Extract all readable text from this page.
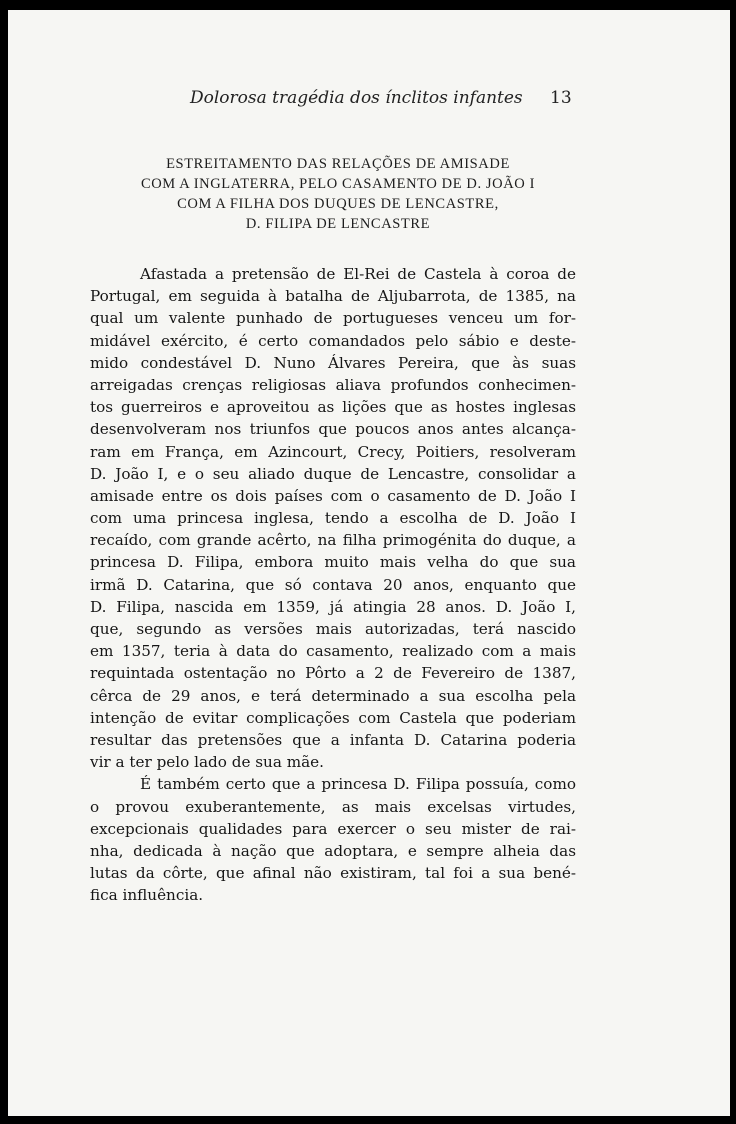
Dolorosa tragédia dos ínclitos infantes 13
ESTREITAMENTO DAS RELAÇÕES DE AMISADE
COM A INGLATERRA, PELO CASAMENTO DE D. JOÃO I
COM A FILHA DOS DUQUES DE LENCASTRE,
D. FILIPA DE LENCASTRE
Afastada a pretensão de El-Rei de Castela à coroa de
Portugal, em seguida à batalha de Aljubarrota, de 1385, na
qual um valente punhado de portugueses venceu um for-
midável exército, é certo comandados pelo sábio e deste-
mido condestável D. Nuno Álvares Pereira, que às suas
arreigadas crenças religiosas aliava profundos conhecimen-
tos guerreiros e aproveitou as lições que as hostes inglesas
desenvolveram nos triunfos que poucos anos antes alcança-
ram em França, em Azincourt, Crecy, Poitiers, resolveram
D. João I, e o seu aliado duque de Lencastre, consolidar a
amisade entre os dois países com o casamento de D. João I
com uma princesa inglesa, tendo a escolha de D. João I
recaído, com grande acêrto, na filha primogénita do duque, a
princesa D. Filipa, embora muito mais velha do que sua
irmã D. Catarina, que só contava 20 anos, enquanto que
D. Filipa, nascida em 1359, já atingia 28 anos. D. João I,
que, segundo as versões mais autorizadas, terá nascido
em 1357, teria à data do casamento, realizado com a mais
requintada ostentação no Pôrto a 2 de Fevereiro de 1387,
cêrca de 29 anos, e terá determinado a sua escolha pela
intenção de evitar complicações com Castela que poderiam
resultar das pretensões que a infanta D. Catarina poderia
vir a ter pelo lado de sua mãe.
É também certo que a princesa D. Filipa possuía, como
o provou exuberantemente, as mais excelsas virtudes,
excepcionais qualidades para exercer o seu mister de rai-
nha, dedicada à nação que adoptara, e sempre alheia das
lutas da côrte, que afinal não existiram, tal foi a sua bené-
fica influência.
